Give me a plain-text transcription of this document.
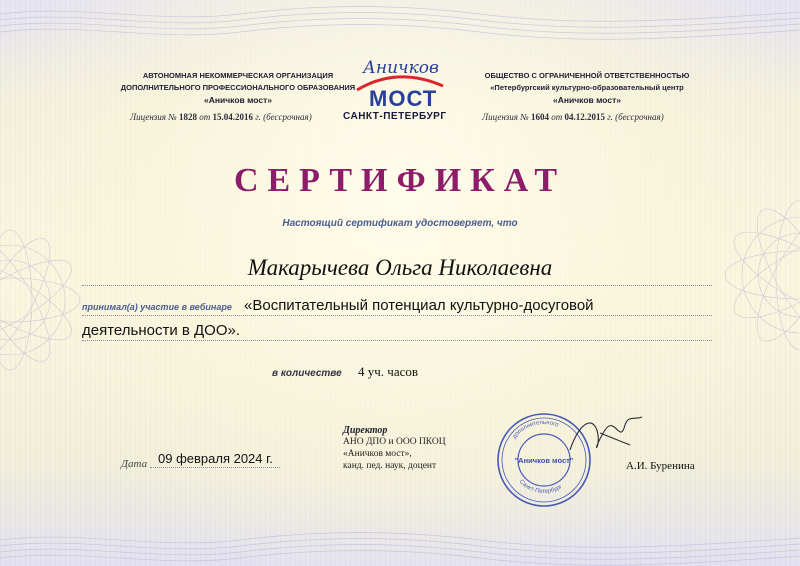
АВТОНОМНАЯ НЕКОММЕРЧЕСКАЯ ОРГАНИЗАЦИЯ
ДОПОЛНИТЕЛЬНОГО ПРОФЕССИОНАЛЬНОГО ОБРАЗОВАНИЯ
«Аничков мост»
Лицензия № 1828 от 15.04.2016 г. (бессрочная)
Аничков
МОСТ
САНКТ-ПЕТЕРБУРГ
ОБЩЕСТВО С ОГРАНИЧЕННОЙ ОТВЕТСТВЕННОСТЬЮ
«Петербургский культурно-образовательный центр
«Аничков мост»
Лицензия № 1604 от 04.12.2015 г. (бессрочная)
СЕРТИФИКАТ
Настоящий сертификат удостоверяет, что
Макарычева Ольга Николаевна
принимал(а) участие в вебинаре «Воспитательный потенциал культурно-досуговой
деятельности в ДОО».
в количестве 4 уч. часов
Дата 09 февраля 2024 г.
Директор
АНО ДПО и ООО ПКОЦ
«Аничков мост»,
канд. пед. наук, доцент
дополнительного
Санкт-Петербург
"Аничков мост"	А.И. Буренина
